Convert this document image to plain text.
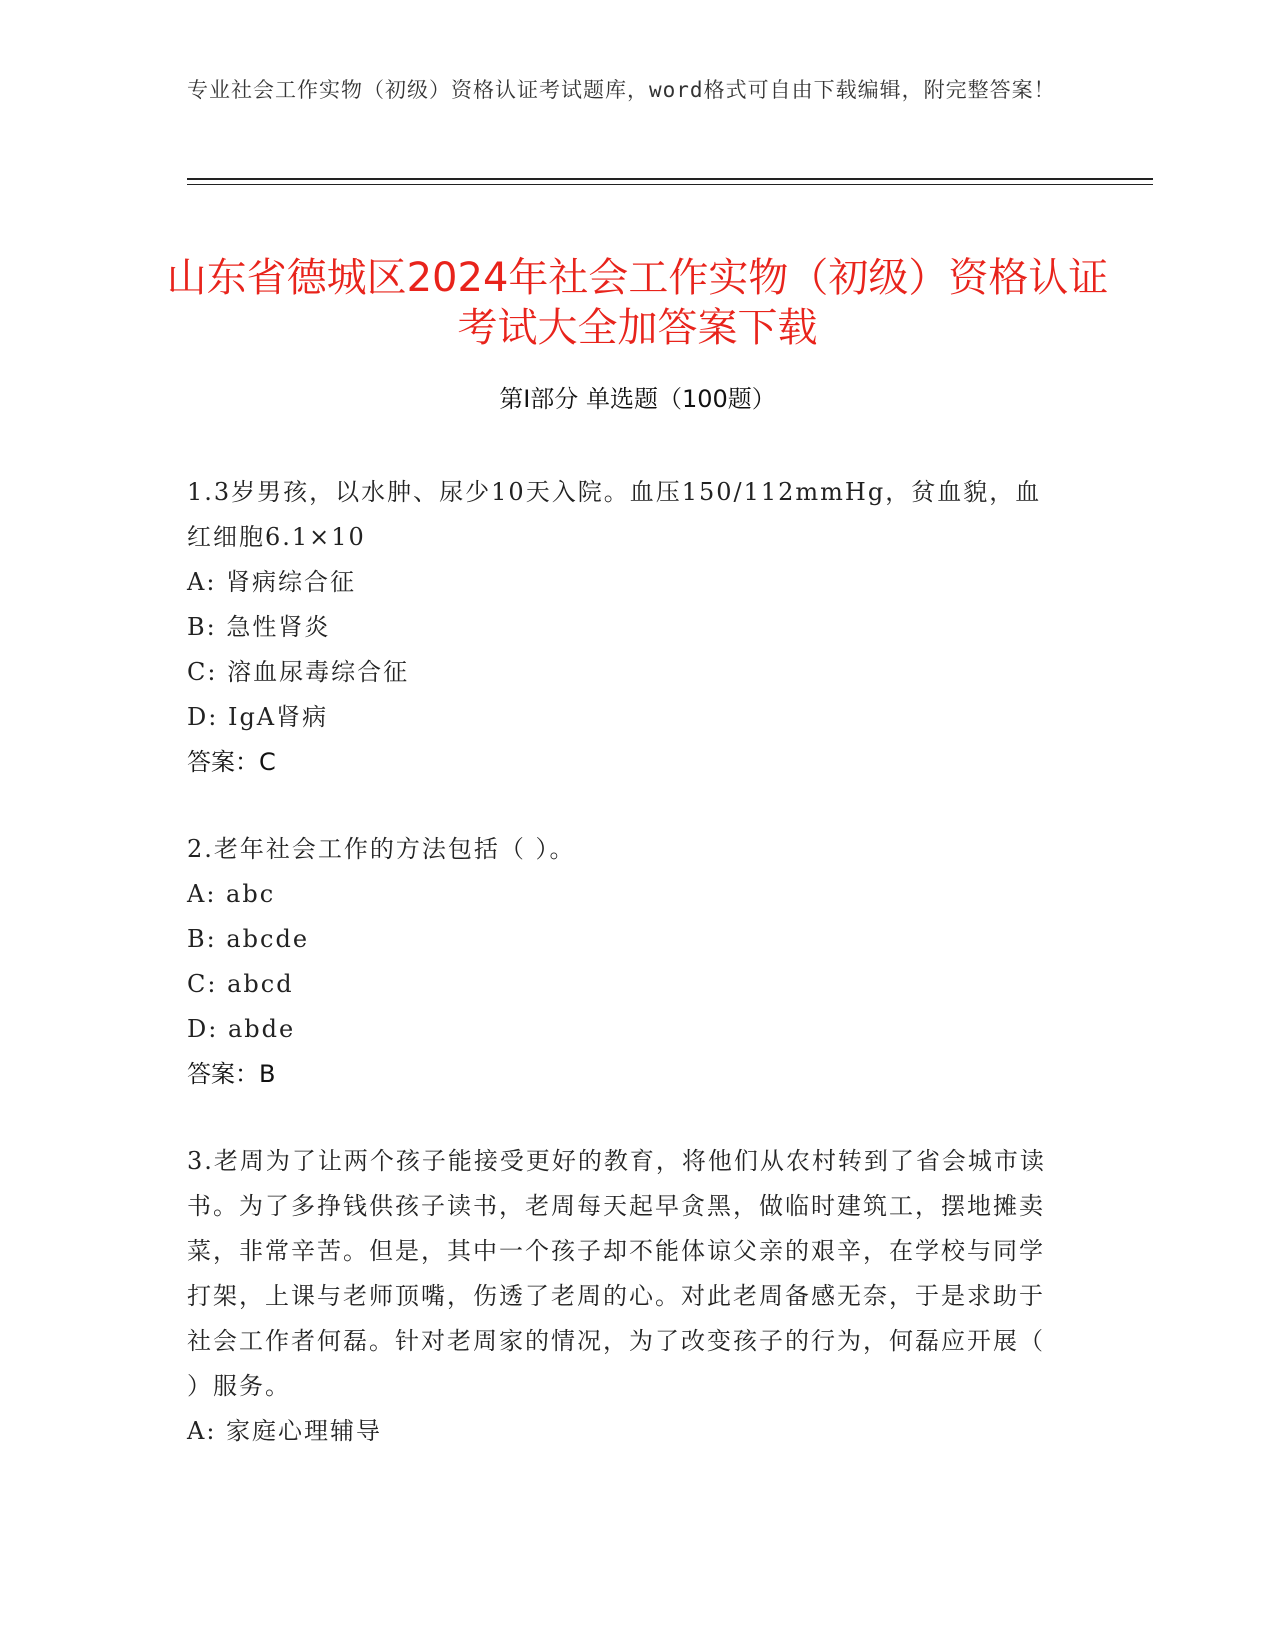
专业社会工作实物（初级）资格认证考试题库，word格式可自由下载编辑，附完整答案！
山东省德城区2024年社会工作实物（初级）资格认证考试大全加答案下载
第Ⅰ部分 单选题（100题）
1.3岁男孩，以水肿、尿少10天入院。血压150/112mmHg，贫血貌，血红细胞6.1×10
A: 肾病综合征
B: 急性肾炎
C: 溶血尿毒综合征
D: IgA肾病
答案：C
2.老年社会工作的方法包括（ ）。
A: abc
B: abcde
C: abcd
D: abde
答案：B
3.老周为了让两个孩子能接受更好的教育，将他们从农村转到了省会城市读书。为了多挣钱供孩子读书，老周每天起早贪黑，做临时建筑工，摆地摊卖菜，非常辛苦。但是，其中一个孩子却不能体谅父亲的艰辛，在学校与同学打架，上课与老师顶嘴，伤透了老周的心。对此老周备感无奈，于是求助于社会工作者何磊。针对老周家的情况，为了改变孩子的行为，何磊应开展（ ）服务。
A: 家庭心理辅导
